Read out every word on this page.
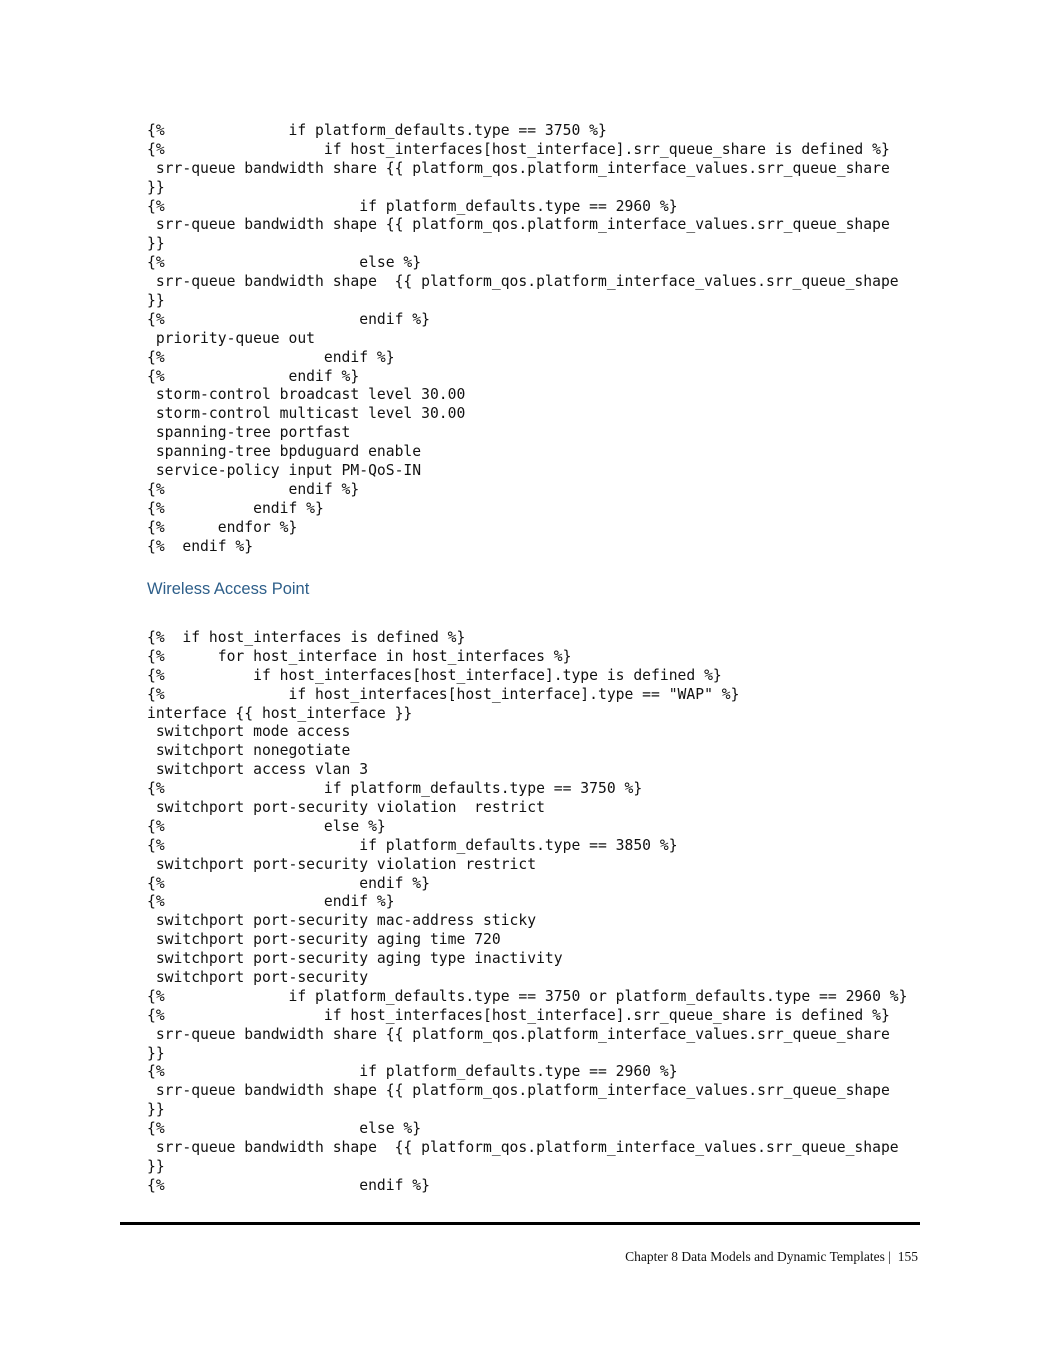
{%              if platform_defaults.type == 3750 %}
{%                  if host_interfaces[host_interface].srr_queue_share is defined %}
srr-queue bandwidth share {{ platform_qos.platform_interface_values.srr_queue_share
}}
{%                      if platform_defaults.type == 2960 %}
srr-queue bandwidth shape {{ platform_qos.platform_interface_values.srr_queue_shape
}}
{%                      else %}
srr-queue bandwidth shape  {{ platform_qos.platform_interface_values.srr_queue_shape
}}
{%                      endif %}
priority-queue out
{%                  endif %}
{%              endif %}
storm-control broadcast level 30.00
storm-control multicast level 30.00
spanning-tree portfast
spanning-tree bpduguard enable
service-policy input PM-QoS-IN
{%              endif %}
{%          endif %}
{%      endfor %}
{%  endif %}
Wireless Access Point
{%  if host_interfaces is defined %}
{%      for host_interface in host_interfaces %}
{%          if host_interfaces[host_interface].type is defined %}
{%              if host_interfaces[host_interface].type == "WAP" %}
interface {{ host_interface }}
switchport mode access
switchport nonegotiate
switchport access vlan 3
{%                  if platform_defaults.type == 3750 %}
switchport port-security violation  restrict
{%                  else %}
{%                      if platform_defaults.type == 3850 %}
switchport port-security violation restrict
{%                      endif %}
{%                  endif %}
switchport port-security mac-address sticky
switchport port-security aging time 720
switchport port-security aging type inactivity
switchport port-security
{%              if platform_defaults.type == 3750 or platform_defaults.type == 2960 %}
{%                  if host_interfaces[host_interface].srr_queue_share is defined %}
srr-queue bandwidth share {{ platform_qos.platform_interface_values.srr_queue_share
}}
{%                      if platform_defaults.type == 2960 %}
srr-queue bandwidth shape {{ platform_qos.platform_interface_values.srr_queue_shape
}}
{%                      else %}
srr-queue bandwidth shape  {{ platform_qos.platform_interface_values.srr_queue_shape
}}
{%                      endif %}
Chapter 8 Data Models and Dynamic Templates |  155
